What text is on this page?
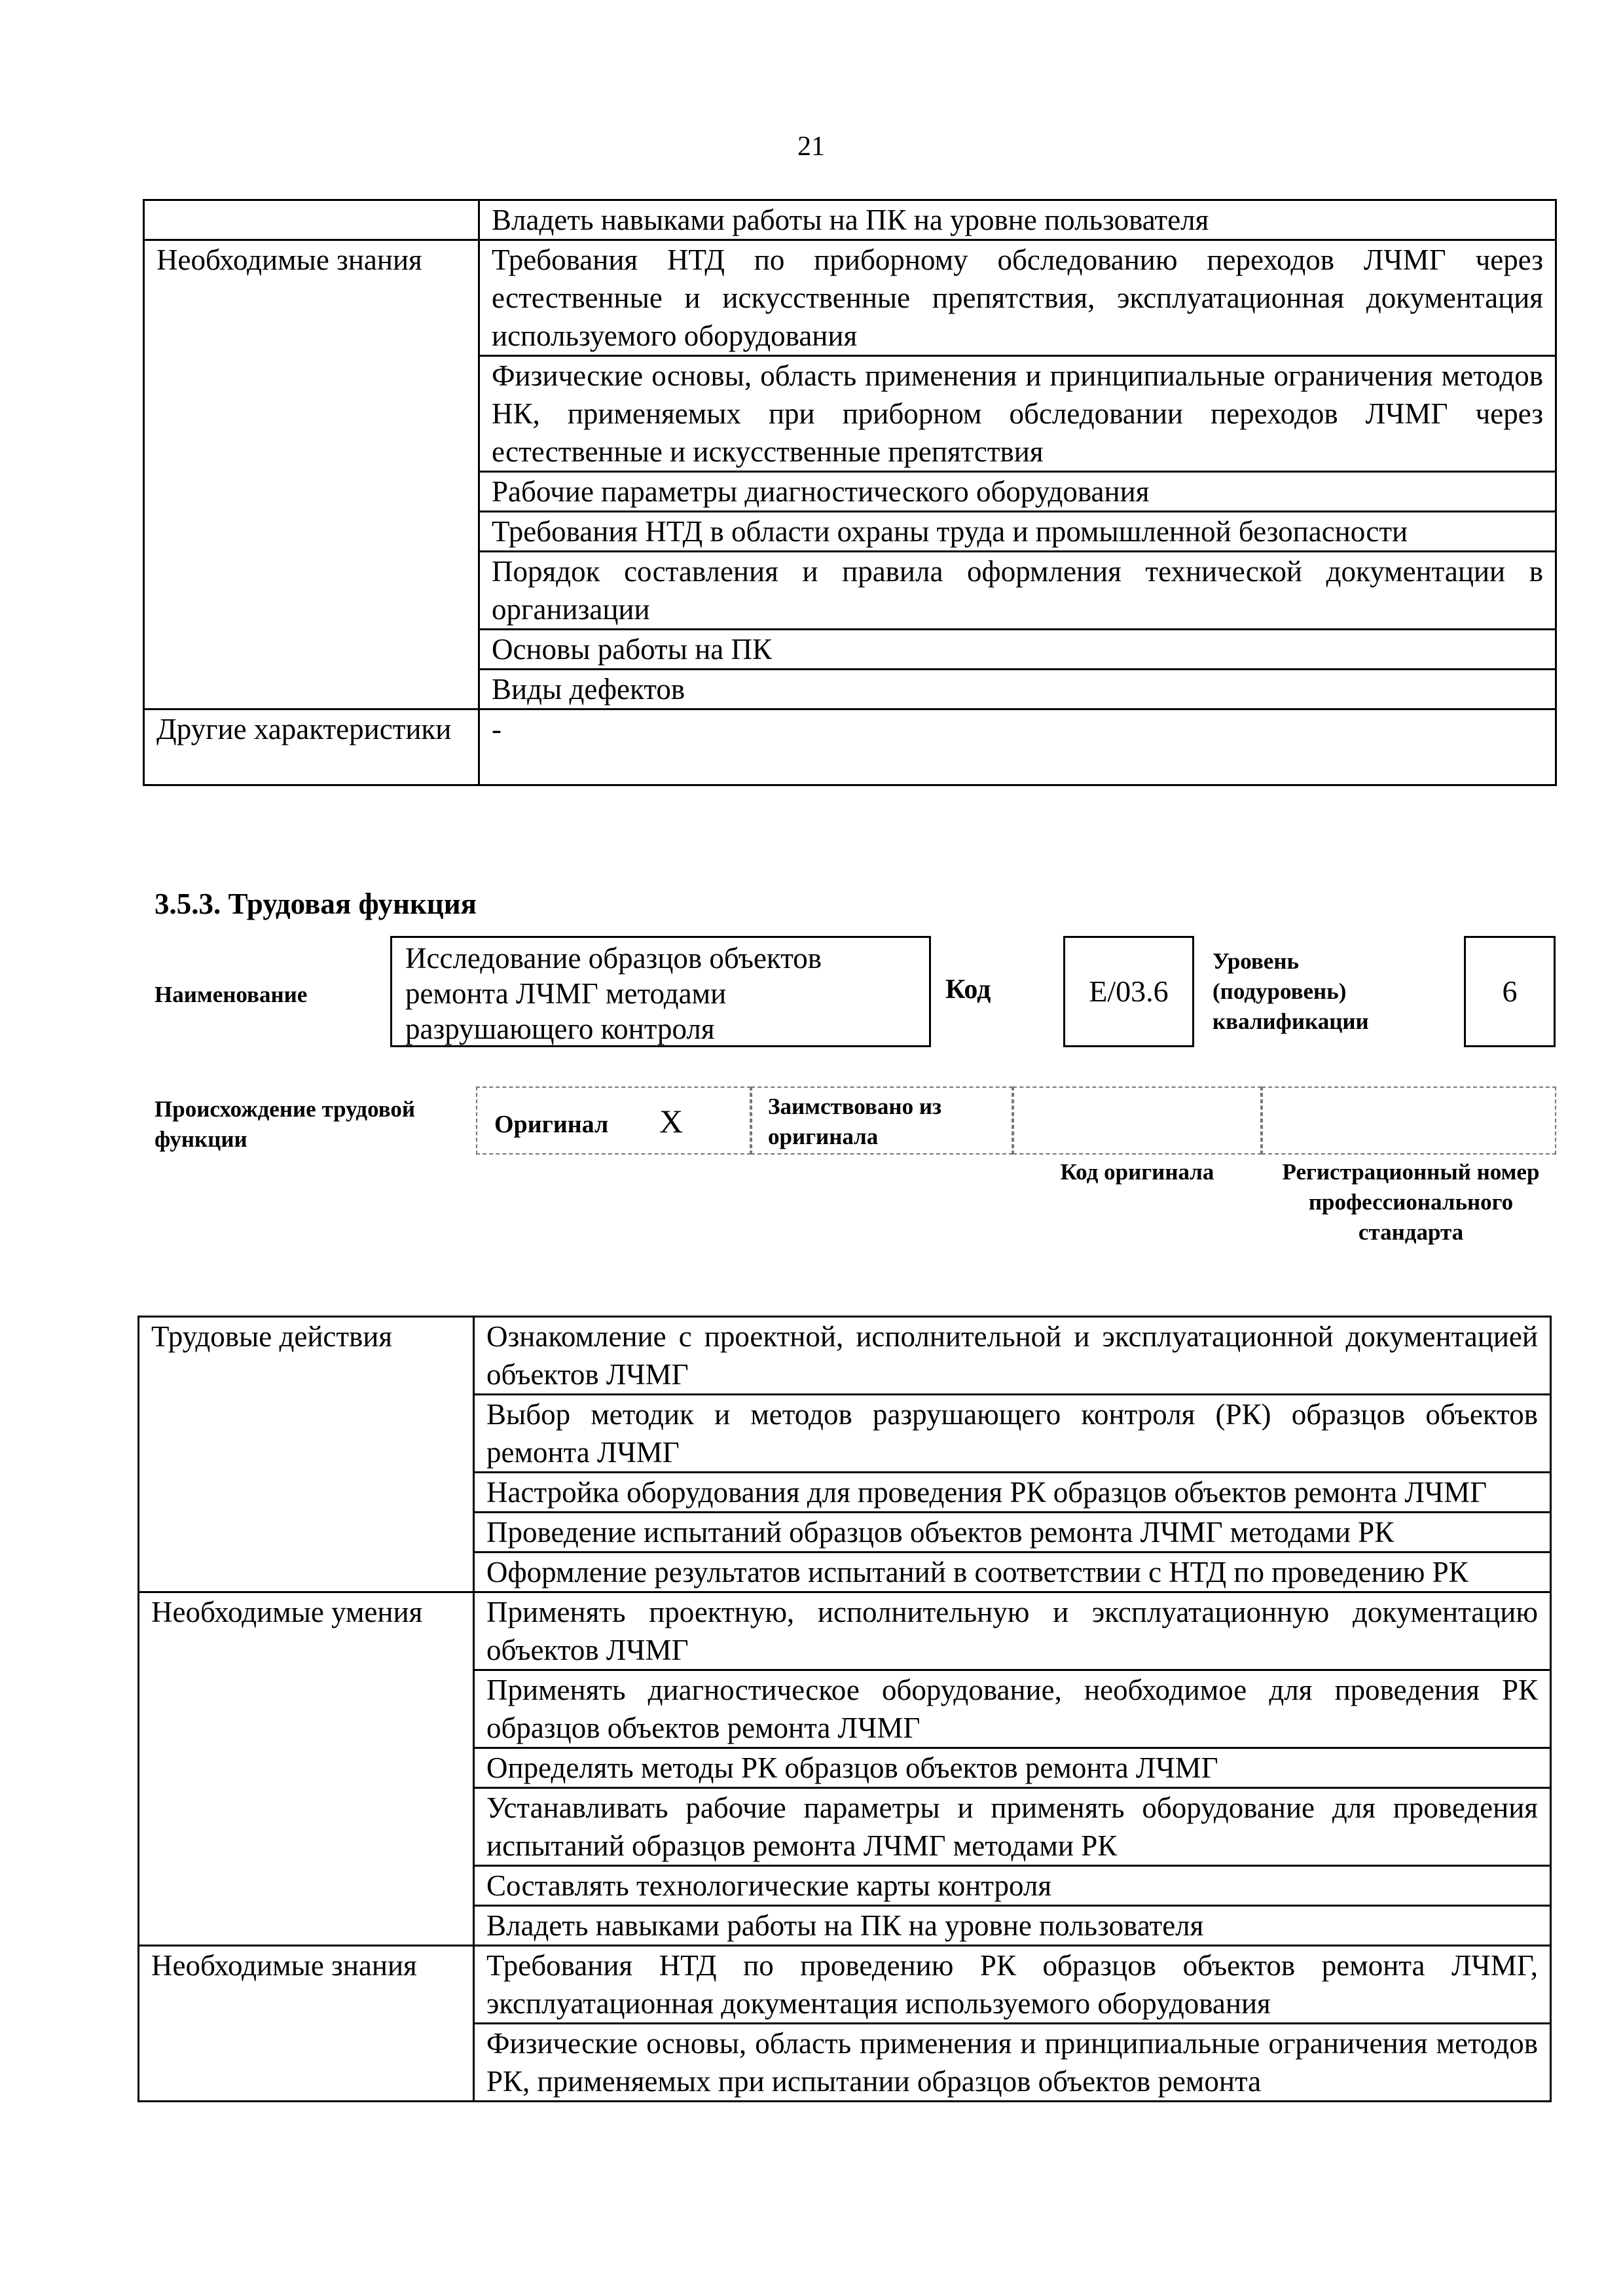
21
	Владеть навыками работы на ПК на уровне пользователя
Необходимые знания	Требования НТД по приборному обследованию переходов ЛЧМГ через естественные и искусственные препятствия, эксплуатационная документация используемого оборудования
	Физические основы, область применения и принципиальные ограничения методов НК, применяемых при приборном обследовании переходов ЛЧМГ через естественные и искусственные препятствия
	Рабочие параметры диагностического оборудования
	Требования НТД в области охраны труда и промышленной безопасности
	Порядок составления и правила оформления технической документации в организации
	Основы работы на ПК
	Виды дефектов
Другие характеристики	-
3.5.3. Трудовая функция
Наименование
Исследование образцов объектов ремонта ЛЧМГ методами разрушающего контроля
Код	E/03.6
Уровень (подуровень) квалификации
6
Происхождение трудовой функции
Оригинал X	Заимствовано из оригинала
Код оригинала	Регистрационный номер профессионального стандарта
Трудовые действия	Ознакомление с проектной, исполнительной и эксплуатационной документацией объектов ЛЧМГ
	Выбор методик и методов разрушающего контроля (РК) образцов объектов ремонта ЛЧМГ
	Настройка оборудования для проведения РК образцов объектов ремонта ЛЧМГ
	Проведение испытаний образцов объектов ремонта ЛЧМГ методами РК
	Оформление результатов испытаний в соответствии с НТД по проведению РК
Необходимые умения	Применять проектную, исполнительную и эксплуатационную документацию объектов ЛЧМГ
	Применять диагностическое оборудование, необходимое для проведения РК образцов объектов ремонта ЛЧМГ
	Определять методы РК образцов объектов ремонта ЛЧМГ
	Устанавливать рабочие параметры и применять оборудование для проведения испытаний образцов ремонта ЛЧМГ методами РК
	Составлять технологические карты контроля
	Владеть навыками работы на ПК на уровне пользователя
Необходимые знания	Требования НТД по проведению РК образцов объектов ремонта ЛЧМГ, эксплуатационная документация используемого оборудования
	Физические основы, область применения и принципиальные ограничения методов РК, применяемых при испытании образцов объектов ремонта
